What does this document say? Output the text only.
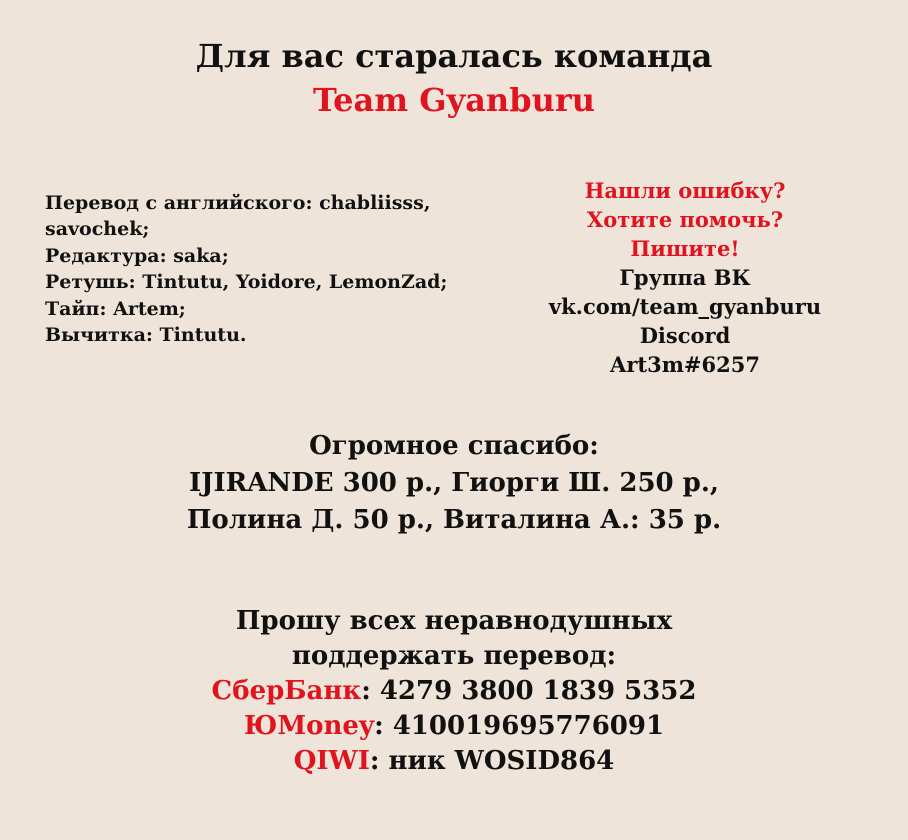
Для вас старалась команда
Team Gyanburu
Перевод с английского: chabliisss,
savochek;
Редактура: saka;
Ретушь: Tintutu, Yoidore, LemonZad;
Тайп: Artem;
Вычитка: Tintutu.
Нашли ошибку?
Хотите помочь?
Пишите!
Группа ВК
vk.com/team_gyanburu
Discord
Art3m#6257
Огромное спасибо:
IJIRANDE 300 р., Гиорги Ш. 250 р.,
Полина Д. 50 р., Виталина А.: 35 р.
Прошу всех неравнодушных
поддержать перевод:
СберБанк: 4279 3800 1839 5352
ЮMoney: 410019695776091
QIWI: ник WOSID864
